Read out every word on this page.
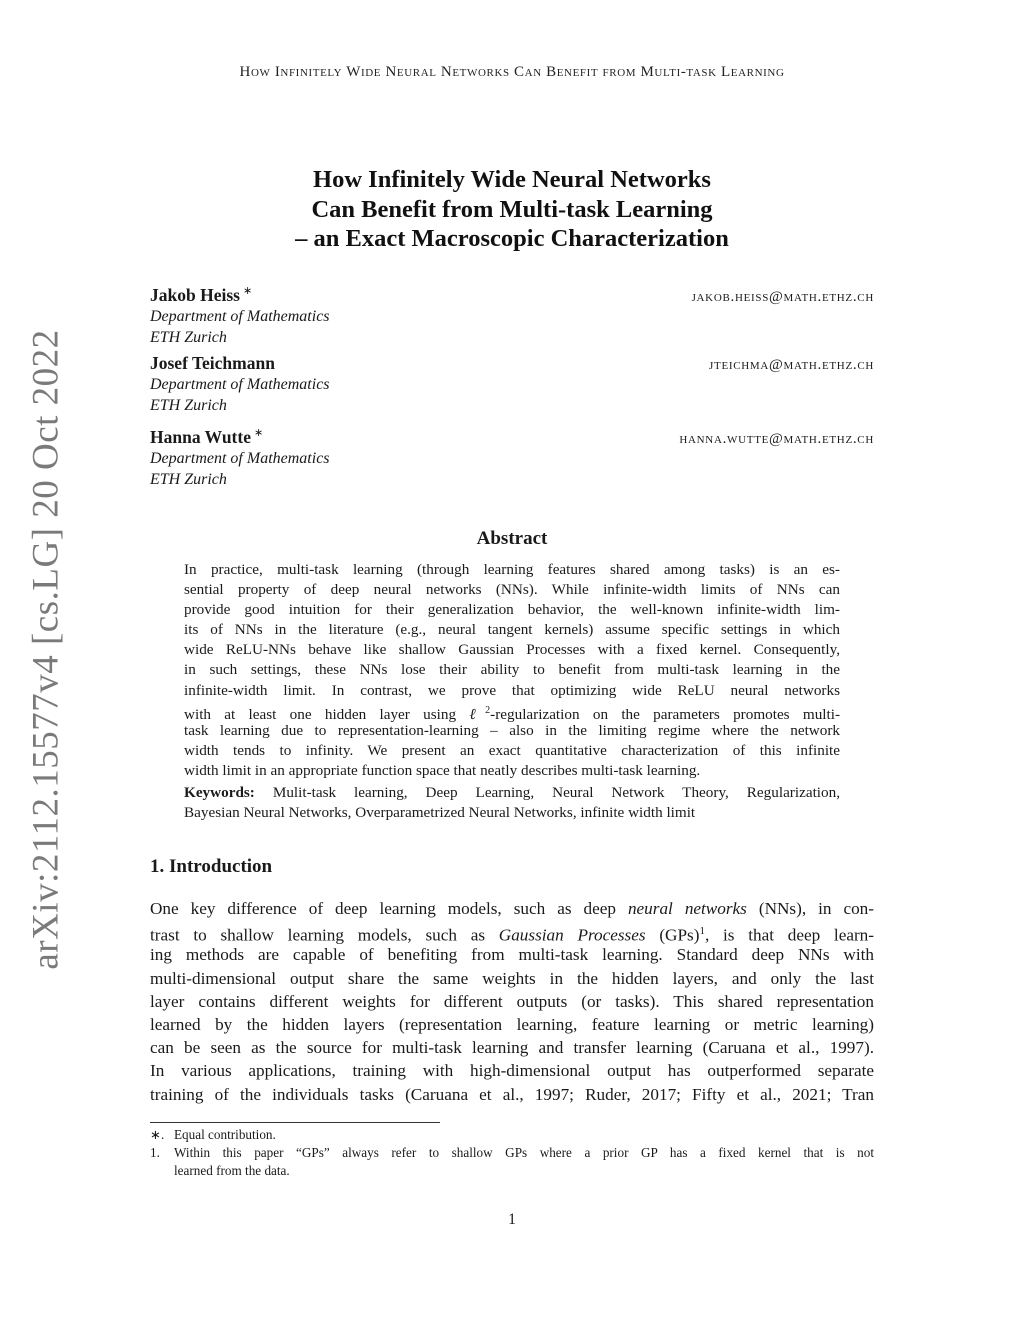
How Infinitely Wide Neural Networks Can Benefit from Multi-task Learning
arXiv:2112.15577v4 [cs.LG] 20 Oct 2022
How Infinitely Wide Neural Networks
Can Benefit from Multi-task Learning
– an Exact Macroscopic Characterization
Jakob Heiss ∗	jakob.heiss@math.ethz.ch
Department of Mathematics
ETH Zurich
Josef Teichmann	jteichma@math.ethz.ch
Department of Mathematics
ETH Zurich
Hanna Wutte ∗	hanna.wutte@math.ethz.ch
Department of Mathematics
ETH Zurich
Abstract
In practice, multi-task learning (through learning features shared among tasks) is an es-
sential property of deep neural networks (NNs). While infinite-width limits of NNs can
provide good intuition for their generalization behavior, the well-known infinite-width lim-
its of NNs in the literature (e.g., neural tangent kernels) assume specific settings in which
wide ReLU-NNs behave like shallow Gaussian Processes with a fixed kernel. Consequently,
in such settings, these NNs lose their ability to benefit from multi-task learning in the
infinite-width limit. In contrast, we prove that optimizing wide ReLU neural networks
with at least one hidden layer using ℓ$^2$-regularization on the parameters promotes multi-
task learning due to representation-learning – also in the limiting regime where the network
width tends to infinity. We present an exact quantitative characterization of this infinite
width limit in an appropriate function space that neatly describes multi-task learning.
Keywords: Mulit-task learning, Deep Learning, Neural Network Theory, Regularization,
Bayesian Neural Networks, Overparametrized Neural Networks, infinite width limit
1. Introduction
One key difference of deep learning models, such as deep neural networks (NNs), in con-
trast to shallow learning models, such as Gaussian Processes (GPs)$^1$, is that deep learn-
ing methods are capable of benefiting from multi-task learning. Standard deep NNs with
multi-dimensional output share the same weights in the hidden layers, and only the last
layer contains different weights for different outputs (or tasks). This shared representation
learned by the hidden layers (representation learning, feature learning or metric learning)
can be seen as the source for multi-task learning and transfer learning (Caruana et al., 1997).
In various applications, training with high-dimensional output has outperformed separate
training of the individuals tasks (Caruana et al., 1997; Ruder, 2017; Fifty et al., 2021; Tran
∗. Equal contribution.
1.	Within this paper “GPs” always refer to shallow GPs where a prior GP has a fixed kernel that is not
learned from the data.
1
